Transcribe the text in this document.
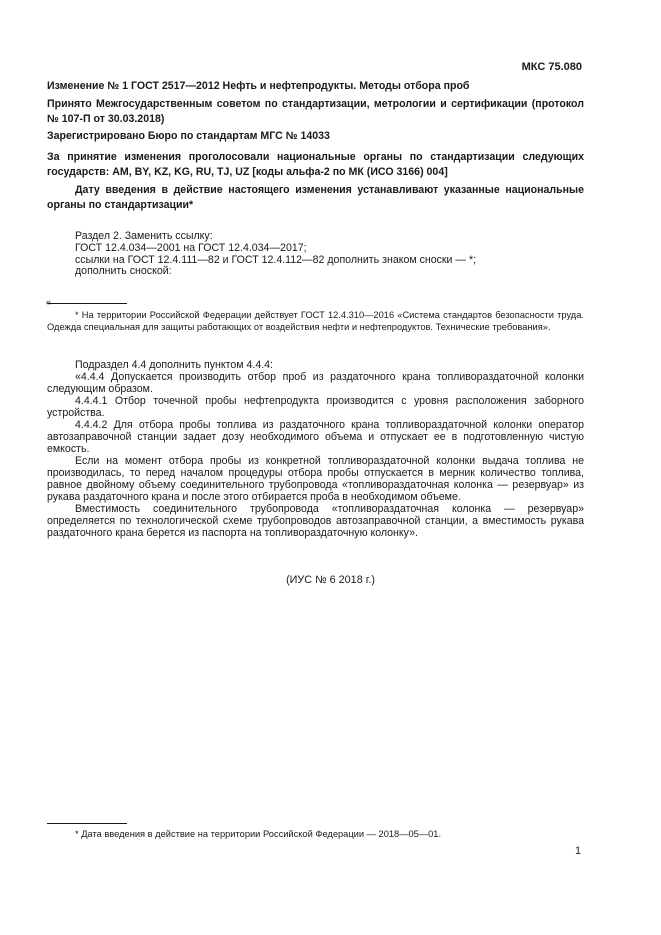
МКС 75.080
Изменение № 1 ГОСТ 2517—2012 Нефть и нефтепродукты. Методы отбора проб
Принято Межгосударственным советом по стандартизации, метрологии и сертификации (протокол № 107-П от 30.03.2018)
Зарегистрировано Бюро по стандартам МГС № 14033
За принятие изменения проголосовали национальные органы по стандартизации следующих государств: AM, BY, KZ, KG, RU, TJ, UZ [коды альфа-2 по МК (ИСО 3166) 004]

Дату введения в действие настоящего изменения устанавливают указанные национальные органы по стандартизации*

Раздел 2. Заменить ссылку:

ГОСТ 12.4.034—2001 на ГОСТ 12.4.034—2017;

ссылки на ГОСТ 12.4.111—82 и ГОСТ 12.4.112—82 дополнить знаком сноски — *;

дополнить сноской:

«

* На территории Российской Федерации действует ГОСТ 12.4.310—2016 «Система стандартов безопасности труда. Одежда специальная для защиты работающих от воздействия нефти и нефтепродуктов. Технические требования».

Подраздел 4.4 дополнить пунктом 4.4.4:

«4.4.4 Допускается производить отбор проб из раздаточного крана топливораздаточной колонки следующим образом.

4.4.4.1 Отбор точечной пробы нефтепродукта производится с уровня расположения заборного устройства.

4.4.4.2 Для отбора пробы топлива из раздаточного крана топливораздаточной колонки оператор автозаправочной станции задает дозу необходимого объема и отпускает ее в подготовленную чистую емкость.

Если на момент отбора пробы из конкретной топливораздаточной колонки выдача топлива не производилась, то перед началом процедуры отбора пробы отпускается в мерник количество топлива, равное двойному объему соединительного трубопровода «топливораздаточная колонка — резервуар» из рукава раздаточного крана и после этого отбирается проба в необходимом объеме.

Вместимость соединительного трубопровода «топливораздаточная колонка — резервуар» определяется по технологической схеме трубопроводов автозаправочной станции, а вместимость рукава раздаточного крана берется из паспорта на топливораздаточную колонку».

(ИУС № 6 2018 г.)

* Дата введения в действие на территории Российской Федерации — 2018—05—01.

1
